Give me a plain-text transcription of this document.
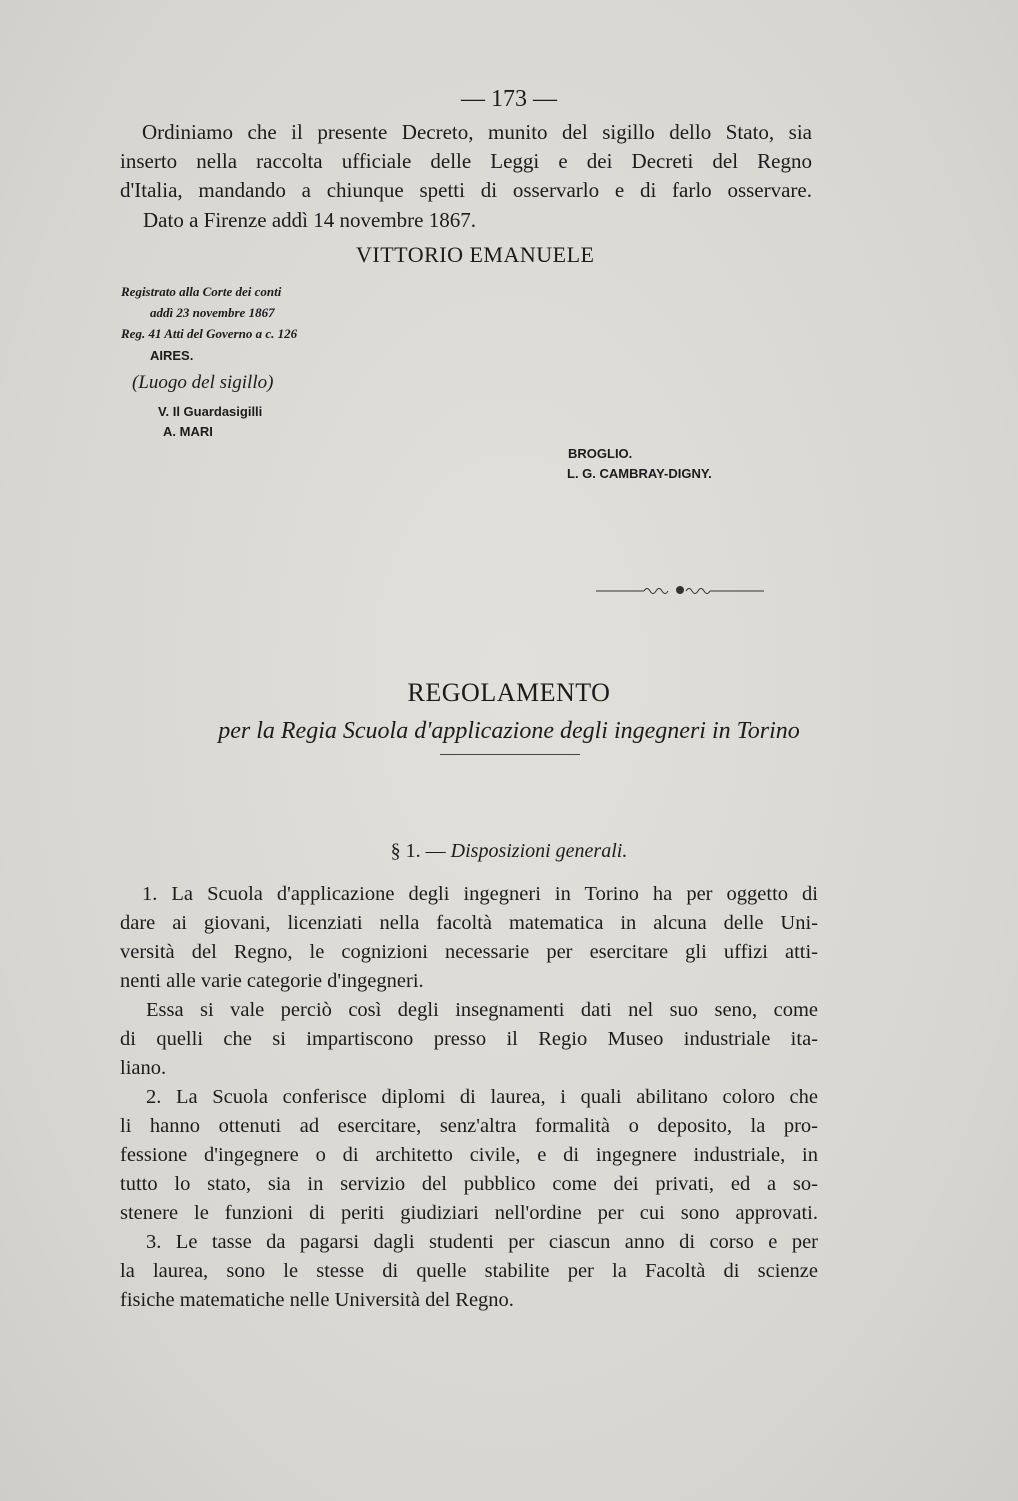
— 173 —
Ordiniamo che il presente Decreto, munito del sigillo dello Stato, sia
inserto nella raccolta ufficiale delle Leggi e dei Decreti del Regno
d'Italia, mandando a chiunque spetti di osservarlo e di farlo osservare.
Dato a Firenze addì 14 novembre 1867.
VITTORIO EMANUELE
Registrato alla Corte dei conti
addì 23 novembre 1867
Reg. 41 Atti del Governo a c. 126
AIRES.
(Luogo del sigillo)
V. Il Guardasigilli
A. MARI
BROGLIO.
L. G. CAMBRAY-DIGNY.
REGOLAMENTO
per la Regia Scuola d'applicazione degli ingegneri in Torino
§ 1. — Disposizioni generali.
1. La Scuola d'applicazione degli ingegneri in Torino ha per oggetto di
dare ai giovani, licenziati nella facoltà matematica in alcuna delle Uni-
versità del Regno, le cognizioni necessarie per esercitare gli uffizi atti-
nenti alle varie categorie d'ingegneri.
Essa si vale perciò così degli insegnamenti dati nel suo seno, come
di quelli che si impartiscono presso il Regio Museo industriale ita-
liano.
2. La Scuola conferisce diplomi di laurea, i quali abilitano coloro che
li hanno ottenuti ad esercitare, senz'altra formalità o deposito, la pro-
fessione d'ingegnere o di architetto civile, e di ingegnere industriale, in
tutto lo stato, sia in servizio del pubblico come dei privati, ed a so-
stenere le funzioni di periti giudiziari nell'ordine per cui sono approvati.
3. Le tasse da pagarsi dagli studenti per ciascun anno di corso e per
la laurea, sono le stesse di quelle stabilite per la Facoltà di scienze
fisiche matematiche nelle Università del Regno.
